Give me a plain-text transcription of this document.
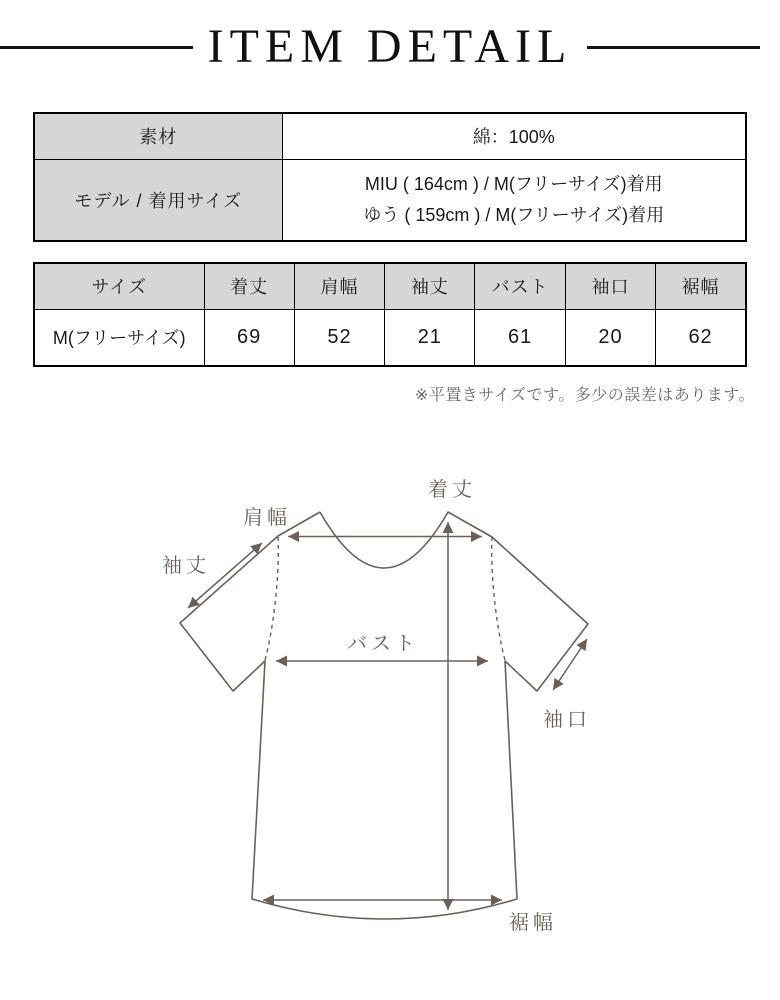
ITEM DETAIL
素材	綿：100%
モデル / 着用サイズ	MIU ( 164cm ) / M(フリーサイズ)着用
ゆう ( 159cm ) / M(フリーサイズ)着用
サイズ	着丈	肩幅	袖丈	バスト	袖口	裾幅
M(フリーサイズ)	69	52	21	61	20	62
※平置きサイズです。多少の誤差はあります。
着丈
肩幅
袖丈
バスト
袖口
裾幅
